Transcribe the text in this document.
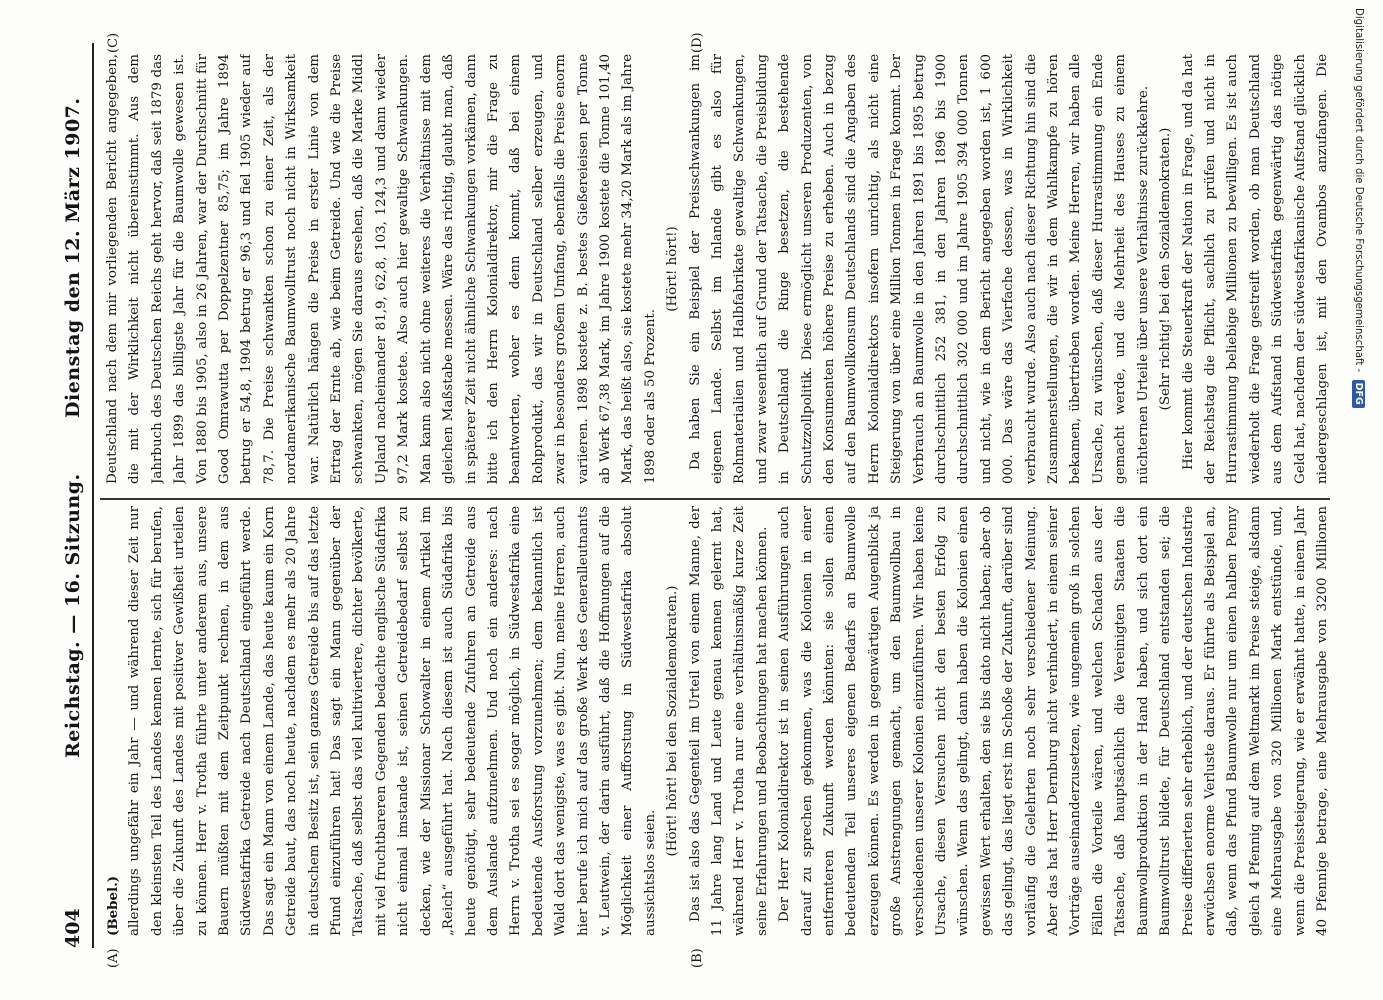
404
Reichstag. — 16. Sitzung.
Dienstag den 12. März 1907.
(A)	(B)
(C)	(D)

(Bebel.) allerdings ungefähr ein Jahr — und während dieser Zeit nur den kleinsten Teil des Landes kennen lernte, sich für berufen, über die Zukunft des Landes mit positiver Gewißheit urteilen zu können. Herr v. Trotha führte unter anderem aus, unsere Bauern müßten mit dem Zeitpunkt rechnen, in dem aus Südwestafrika Getreide nach Deutschland eingeführt werde. Das sagt ein Mann von einem Lande, das heute kaum ein Korn Getreide baut, das noch heute, nachdem es mehr als 20 Jahre in deutschem Besitz ist, sein ganzes Getreide bis auf das letzte Pfund einzuführen hat! Das sagt ein Mann gegenüber der Tatsache, daß selbst das viel kultiviertere, dichter bevölkerte, mit viel fruchtbareren Gegenden bedachte englische Südafrika nicht einmal imstande ist, seinen Getreidebedarf selbst zu decken, wie der Missionar Schowalter in einem Artikel im „Reich“ ausgeführt hat. Nach diesem ist auch Südafrika bis heute genötigt, sehr bedeutende Zufuhren an Getreide aus dem Auslande aufzunehmen. Und noch ein anderes: nach Herrn v. Trotha sei es sogar möglich, in Südwestafrika eine bedeutende Ausforstung vorzunehmen; dem bekanntlich ist Wald dort das wenigste, was es gibt. Nun, meine Herren, auch hier berufe ich mich auf das große Werk des Generalleutnants v. Leutwein, der darin ausführt, daß die Hoffnungen auf die Möglichkeit einer Aufforstung in Südwestafrika absolut aussichtslos seien.

(Hört! hört! bei den Sozialdemokraten.) Das ist also das Gegenteil im Urteil von einem Manne, der 11 Jahre lang Land und Leute genau kennen gelernt hat, während Herr v. Trotha nur eine verhältnismäßig kurze Zeit seine Erfahrungen und Beobachtungen hat machen können. Der Herr Kolonialdirektor ist in seinen Ausführungen auch darauf zu sprechen gekommen, was die Kolonien in einer entfernteren Zukunft werden könnten: sie sollen einen bedeutenden Teil unseres eigenen Bedarfs an Baumwolle erzeugen können. Es werden in gegenwärtigen Augenblick ja große Anstrengungen gemacht, um den Baumwollbau in verschiedenen unserer Kolonien einzuführen. Wir haben keine Ursache, diesen Versuchen nicht den besten Erfolg zu wünschen. Wenn das gelingt, dann haben die Kolonien einen gewissen Wert erhalten, den sie bis dato nicht haben; aber ob das gelingt, das liegt erst im Schoße der Zukunft, darüber sind vorläufig die Gelehrten noch sehr verschiedener Meinung. Aber das hat Herr Dernburg nicht verhindert, in einem seiner Vorträge auseinanderzusetzen, wie ungemein groß in solchen Fällen die Vorteile wären, und welchen Schaden aus der Tatsache, daß hauptsächlich die Vereinigten Staaten die Baumwollproduktion in der Hand haben, und sich dort ein Baumwolltrust bildete, für Deutschland entstanden sei; die Preise differierten sehr erheblich, und der deutschen Industrie erwüchsen enorme Verluste daraus. Er führte als Beispiel an, daß, wenn das Pfund Baumwolle nur um einen halben Penny gleich 4 Pfennig auf dem Weltmarkt im Preise steige, alsdann eine Mehrausgabe von 320 Millionen Mark entstünde, und, wenn die Preissteigerung, wie er erwähnt hatte, in einem Jahr 40 Pfennige betrage, eine Mehrausgabe von 3200 Millionen

Deutschland nach dem mir vorliegenden Bericht angegeben, die mit der Wirklichkeit nicht übereinstimmt. Aus dem Jahrbuch des Deutschen Reichs geht hervor, daß seit 1879 das Jahr 1899 das billigste Jahr für die Baumwolle gewesen ist. Von 1880 bis 1905, also in 26 Jahren, war der Durchschnitt für Good Omrawutta per Doppelzentner 85,75; im Jahre 1894 betrug er 54,8, 1904 betrug er 96,3 und fiel 1905 wieder auf 78,7. Die Preise schwankten schon zu einer Zeit, als der nordamerikanische Baumwolltrust noch nicht in Wirksamkeit war. Natürlich hängen die Preise in erster Linie von dem Ertrag der Ernte ab, wie beim Getreide. Und wie die Preise schwankten, mögen Sie daraus ersehen, daß die Marke Middl Upland nacheinander 81,9, 62,8, 103, 124,3 und dann wieder 97,2 Mark kostete. Also auch hier gewaltige Schwankungen. Man kann also nicht ohne weiteres die Verhältnisse mit dem gleichen Maßstabe messen. Wäre das richtig, glaubt man, daß in späterer Zeit nicht ähnliche Schwankungen vorkämen, dann bitte ich den Herrn Kolonialdirektor, mir die Frage zu beantworten, woher es denn kommt, daß bei einem Rohprodukt, das wir in Deutschland selber erzeugen, und zwar in besonders großem Umfang, ebenfalls die Preise enorm variieren. 1898 kostete z. B. bestes Gießereieisen per Tonne ab Werk 67,38 Mark, im Jahre 1900 kostete die Tonne 101,40 Mark, das heißt also, sie kostete mehr 34,20 Mark als im Jahre 1898 oder als 50 Prozent.

(Hört! hört!) Da haben Sie ein Beispiel der Preisschwankungen im eigenen Lande. Selbst im Inlande gibt es also für Rohmaterialien und Halbfabrikate gewaltige Schwankungen, und zwar wesentlich auf Grund der Tatsache, die Preisbildung in Deutschland die Ringe besetzen, die bestehende Schutzzollpolitik. Diese ermöglicht unseren Produzenten, von den Konsumenten höhere Preise zu erheben. Auch in bezug auf den Baumwollkonsum Deutschlands sind die Angaben des Herrn Kolonialdirektors insofern unrichtig, als nicht eine Steigerung von über eine Million Tonnen in Frage kommt. Der Verbrauch an Baumwolle in den Jahren 1891 bis 1895 betrug durchschnittlich 252 381, in den Jahren 1896 bis 1900 durchschnittlich 302 000 und im Jahre 1905 394 000 Tonnen und nicht, wie in dem Bericht angegeben worden ist, 1 600 000. Das wäre das Vierfache dessen, was in Wirklichkeit verbraucht wurde. Also auch nach dieser Richtung hin sind die Zusammenstellungen, die wir in dem Wahlkampfe zu hören bekamen, übertrieben worden. Meine Herren, wir haben alle Ursache, zu wünschen, daß dieser Hurrastimmung ein Ende gemacht werde, und die Mehrheit des Hauses zu einem nüchternen Urteile über unsere Verhältnisse zurückkehre. (Sehr richtig! bei den Sozialdemokraten.)

Hier kommt die Steuerkraft der Nation in Frage, und da hat der Reichstag die Pflicht, sachlich zu prüfen und nicht in Hurrastimmung beliebige Millionen zu bewilligen. Es ist auch wiederholt die Frage gestreift worden, ob man Deutschland aus dem Aufstand in Südwestafrika gegenwärtig das nötige Geld hat, nachdem der südwestafrikanische Aufstand glücklich niedergeschlagen ist, mit den Ovambos anzufangen. Die	Digitalisierung gefördert durch die Deutsche Forschungsgemeinschaft - DFG
